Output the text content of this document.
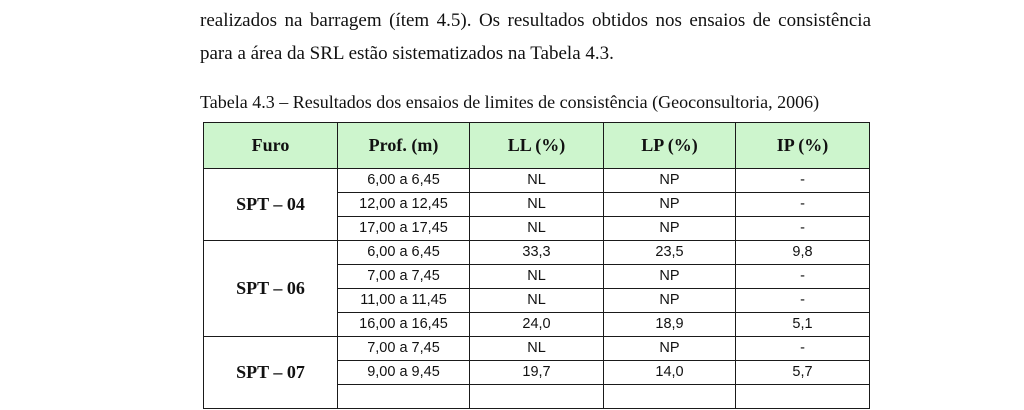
realizados na barragem (ítem 4.5). Os resultados obtidos nos ensaios de consistência
para a área da SRL estão sistematizados na Tabela 4.3.
Tabela 4.3 – Resultados dos ensaios de limites de consistência (Geoconsultoria, 2006)
Furo	Prof. (m)	LL (%)	LP (%)	IP (%)
SPT – 04	6,00 a 6,45	NL	NP	-
	12,00 a 12,45	NL	NP	-
	17,00 a 17,45	NL	NP	-
SPT – 06	6,00 a 6,45	33,3	23,5	9,8
	7,00 a 7,45	NL	NP	-
	11,00 a 11,45	NL	NP	-
	16,00 a 16,45	24,0	18,9	5,1
SPT – 07	7,00 a 7,45	NL	NP	-
	9,00 a 9,45	19,7	14,0	5,7
